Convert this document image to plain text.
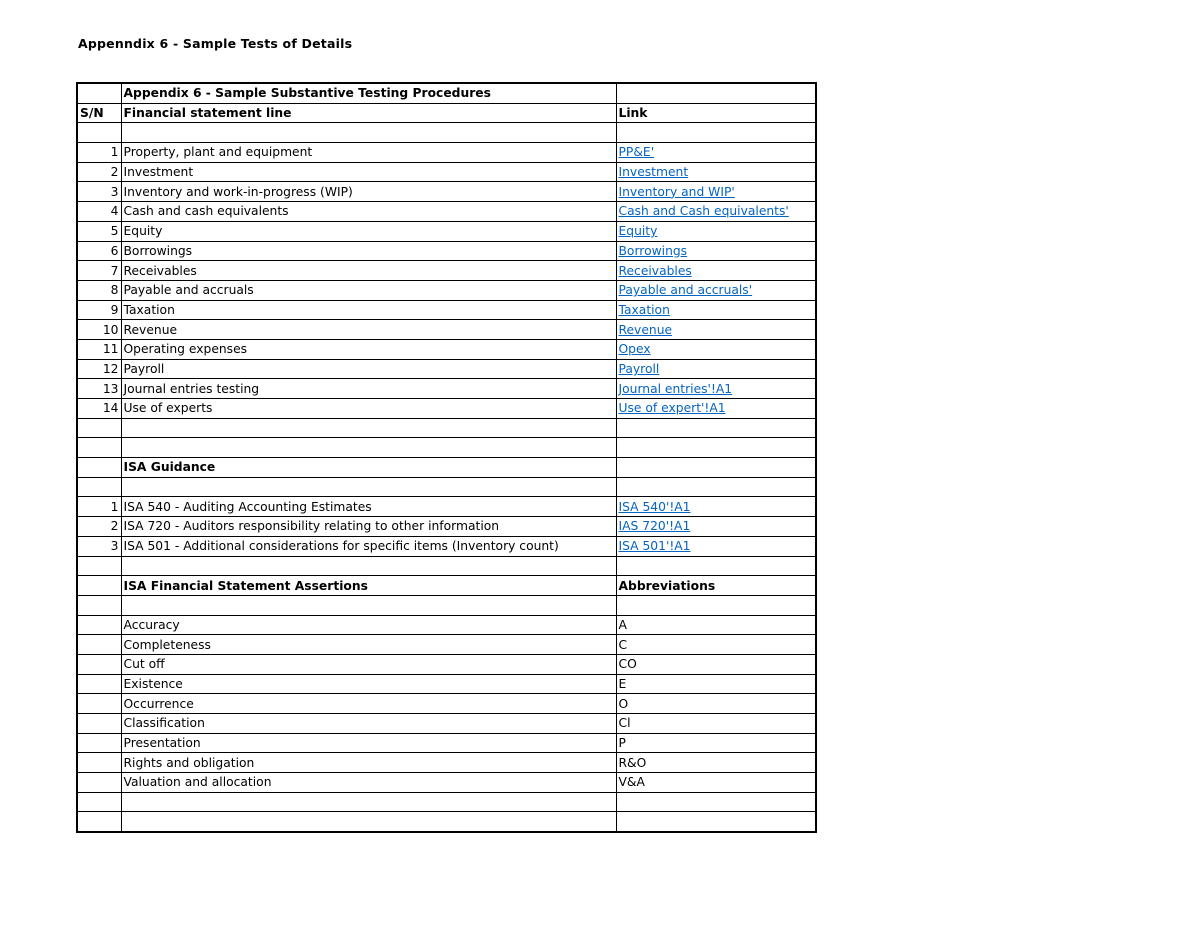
Appenndix 6 - Sample Tests of Details
	Appendix 6 - Sample Substantive Testing Procedures	
S/N	Financial statement line	Link

1	Property, plant and equipment	PP&E'
2	Investment	Investment
3	Inventory and work-in-progress (WIP)	Inventory and WIP'
4	Cash and cash equivalents	Cash and Cash equivalents'
5	Equity	Equity
6	Borrowings	Borrowings
7	Receivables	Receivables
8	Payable and accruals	Payable and accruals'
9	Taxation	Taxation
10	Revenue	Revenue
11	Operating expenses	Opex
12	Payroll	Payroll
13	Journal entries testing	Journal entries'!A1
14	Use of experts	Use of expert'!A1

	ISA Guidance	

1	ISA 540 - Auditing Accounting Estimates	ISA 540'!A1
2	ISA 720 - Auditors responsibility relating to other information	IAS 720'!A1
3	ISA 501 - Additional considerations for specific items (Inventory count)	ISA 501'!A1

	ISA Financial Statement Assertions	Abbreviations

	Accuracy	A
	Completeness	C
	Cut off	CO
	Existence	E
	Occurrence	O
	Classification	Cl
	Presentation	P
	Rights and obligation	R&O
	Valuation and allocation	V&A
